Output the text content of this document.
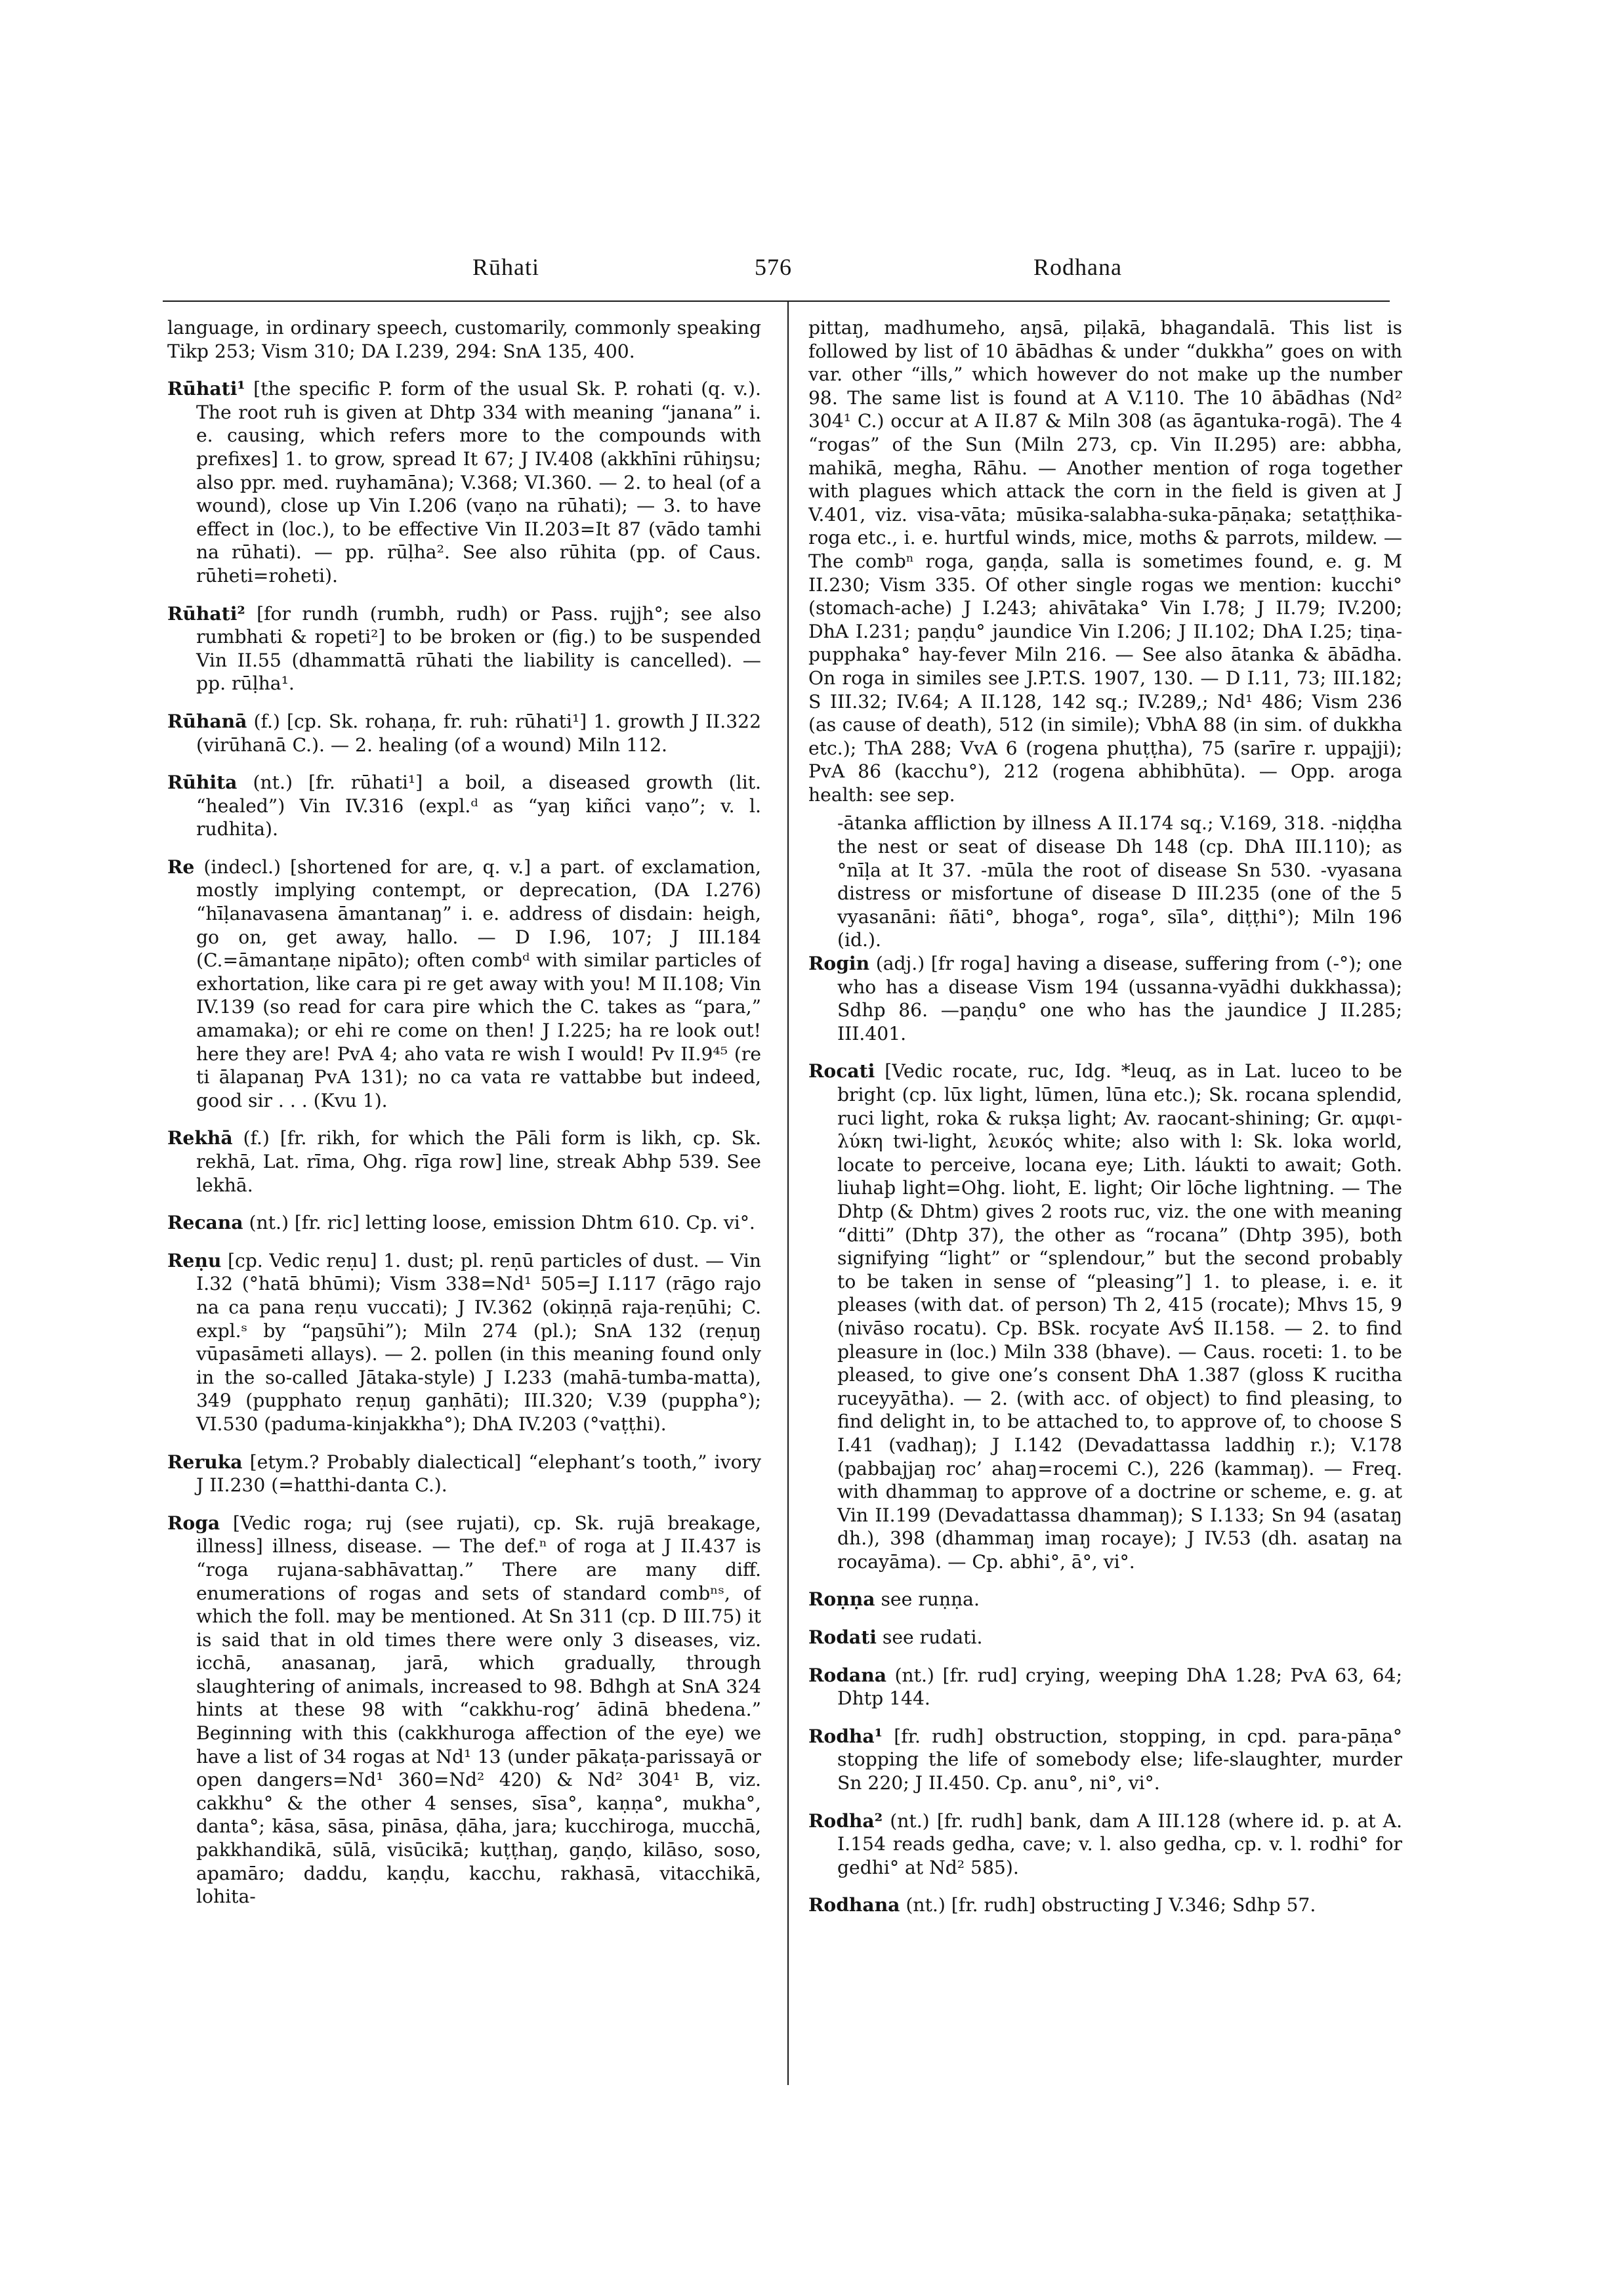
Rūhati	576	Rodhana

language, in ordinary speech, customarily, commonly speaking Tikp 253; Vism 310; DA I.239, 294: SnA 135, 400.

Rūhati¹ [the specific P. form of the usual Sk. P. rohati (q. v.). The root ruh is given at Dhtp 334 with meaning “janana” i. e. causing, which refers more to the compounds with prefixes] 1. to grow, spread It 67; J IV.408 (akkhīni rūhiŋsu; also ppr. med. ruyhamāna); V.368; VI.360. — 2. to heal (of a wound), close up Vin I.206 (vaṇo na rūhati); — 3. to have effect in (loc.), to be effective Vin II.203=It 87 (vādo tamhi na rūhati). — pp. rūḷha². See also rūhita (pp. of Caus. rūheti=roheti).

Rūhati² [for rundh (rumbh, rudh) or Pass. rujjh°; see also rumbhati & ropeti²] to be broken or (fig.) to be suspended Vin II.55 (dhammattā rūhati the liability is cancelled). — pp. rūḷha¹.

Rūhanā (f.) [cp. Sk. rohaṇa, fr. ruh: rūhati¹] 1. growth J II.322 (virūhanā C.). — 2. healing (of a wound) Miln 112.

Rūhita (nt.) [fr. rūhati¹] a boil, a diseased growth (lit. “healed”) Vin IV.316 (expl.ᵈ as “yaŋ kiñci vaṇo”; v. l. rudhita).

Re (indecl.) [shortened for are, q. v.] a part. of exclamation, mostly implying contempt, or deprecation, (DA I.276) “hīḷanavasena āmantanaŋ” i. e. address of disdain: heigh, go on, get away, hallo. — D I.96, 107; J III.184 (C.=āmantaṇe nipāto); often combᵈ with similar particles of exhortation, like cara pi re get away with you! M II.108; Vin IV.139 (so read for cara pire which the C. takes as “para,” amamaka); or ehi re come on then! J I.225; ha re look out! here they are! PvA 4; aho vata re wish I would! Pv II.9⁴⁵ (re ti ālapanaŋ PvA 131); no ca vata re vattabbe but indeed, good sir . . . (Kvu 1).

Rekhā (f.) [fr. rikh, for which the Pāli form is likh, cp. Sk. rekhā, Lat. rīma, Ohg. rīga row] line, streak Abhp 539. See lekhā.

Recana (nt.) [fr. ric] letting loose, emission Dhtm 610. Cp. vi°.

Reṇu [cp. Vedic reṇu] 1. dust; pl. reṇū particles of dust. — Vin I.32 (°hatā bhūmi); Vism 338=Nd¹ 505=J I.117 (rāgo rajo na ca pana reṇu vuccati); J IV.362 (okiṇṇā raja-reṇūhi; C. expl.ˢ by “paŋsūhi”); Miln 274 (pl.); SnA 132 (reṇuŋ vūpasāmeti allays). — 2. pollen (in this meaning found only in the so-called Jātaka-style) J I.233 (mahā-tumba-matta), 349 (pupphato reṇuŋ gaṇhāti); III.320; V.39 (puppha°); VI.530 (paduma-kinjakkha°); DhA IV.203 (°vaṭṭhi).

Reruka [etym.? Probably dialectical] “elephant’s tooth,” ivory J II.230 (=hatthi-danta C.).

Roga [Vedic roga; ruj (see rujati), cp. Sk. rujā breakage, illness] illness, disease. — The def.ⁿ of roga at J II.437 is “roga rujana-sabhāvattaŋ.” There are many diff. enumerations of rogas and sets of standard combⁿˢ, of which the foll. may be mentioned. At Sn 311 (cp. D III.75) it is said that in old times there were only 3 diseases, viz. icchā, anasanaŋ, jarā, which gradually, through slaughtering of animals, increased to 98. Bdhgh at SnA 324 hints at these 98 with “cakkhu-rog’ ādinā bhedena.” Beginning with this (cakkhuroga affection of the eye) we have a list of 34 rogas at Nd¹ 13 (under pākaṭa-parissayā or open dangers=Nd¹ 360=Nd² 420) & Nd² 304¹ B, viz. cakkhu° & the other 4 senses, sīsa°, kaṇṇa°, mukha°, danta°; kāsa, sāsa, pināsa, ḍāha, jara; kucchiroga, mucchā, pakkhandikā, sūlā, visūcikā; kuṭṭhaŋ, gaṇḍo, kilāso, soso, apamāro; daddu, kaṇḍu, kacchu, rakhasā, vitacchikā, lohita-

pittaŋ, madhumeho, aŋsā, piḷakā, bhagandalā. This list is followed by list of 10 ābādhas & under “dukkha” goes on with var. other “ills,” which however do not make up the number 98. The same list is found at A V.110. The 10 ābādhas (Nd² 304¹ C.) occur at A II.87 & Miln 308 (as āgantuka-rogā). The 4 “rogas” of the Sun (Miln 273, cp. Vin II.295) are: abbha, mahikā, megha, Rāhu. — Another mention of roga together with plagues which attack the corn in the field is given at J V.401, viz. visa-vāta; mūsika-salabha-suka-pāṇaka; setaṭṭhika-roga etc., i. e. hurtful winds, mice, moths & parrots, mildew. — The combⁿ roga, gaṇḍa, salla is sometimes found, e. g. M II.230; Vism 335. Of other single rogas we mention: kucchi° (stomach-ache) J I.243; ahivātaka° Vin I.78; J II.79; IV.200; DhA I.231; paṇḍu° jaundice Vin I.206; J II.102; DhA I.25; tiṇa-pupphaka° hay-fever Miln 216. — See also ātanka & ābādha. On roga in similes see J.P.T.S. 1907, 130. — D I.11, 73; III.182; S III.32; IV.64; A II.128, 142 sq.; IV.289,; Nd¹ 486; Vism 236 (as cause of death), 512 (in simile); VbhA 88 (in sim. of dukkha etc.); ThA 288; VvA 6 (rogena phuṭṭha), 75 (sarīre r. uppajji); PvA 86 (kacchu°), 212 (rogena abhibhūta). — Opp. aroga health: see sep.

-ātanka affliction by illness A II.174 sq.; V.169, 318. -niḍḍha the nest or seat of disease Dh 148 (cp. DhA III.110); as °nīḷa at It 37. -mūla the root of disease Sn 530. -vyasana distress or misfortune of disease D III.235 (one of the 5 vyasanāni: ñāti°, bhoga°, roga°, sīla°, diṭṭhi°); Miln 196 (id.).

Rogin (adj.) [fr roga] having a disease, suffering from (-°); one who has a disease Vism 194 (ussanna-vyādhi dukkhassa); Sdhp 86. —paṇḍu° one who has the jaundice J II.285; III.401.

Rocati [Vedic rocate, ruc, Idg. *leuq, as in Lat. luceo to be bright (cp. lūx light, lūmen, lūna etc.); Sk. rocana splendid, ruci light, roka & rukṣa light; Av. raocant-shining; Gr. αμφι-λύκη twi-light, λευκός white; also with l: Sk. loka world, locate to perceive, locana eye; Lith. láukti to await; Goth. liuhaþ light=Ohg. lioht, E. light; Oir lōche lightning. — The Dhtp (& Dhtm) gives 2 roots ruc, viz. the one with meaning “ditti” (Dhtp 37), the other as “rocana” (Dhtp 395), both signifying “light” or “splendour,” but the second probably to be taken in sense of “pleasing”] 1. to please, i. e. it pleases (with dat. of person) Th 2, 415 (rocate); Mhvs 15, 9 (nivāso rocatu). Cp. BSk. rocyate AvŚ II.158. — 2. to find pleasure in (loc.) Miln 338 (bhave). — Caus. roceti: 1. to be pleased, to give one’s consent DhA 1.387 (gloss K rucitha ruceyyātha). — 2. (with acc. of object) to find pleasing, to find delight in, to be attached to, to approve of, to choose S I.41 (vadhaŋ); J I.142 (Devadattassa laddhiŋ r.); V.178 (pabbajjaŋ roc’ ahaŋ=rocemi C.), 226 (kammaŋ). — Freq. with dhammaŋ to approve of a doctrine or scheme, e. g. at Vin II.199 (Devadattassa dhammaŋ); S I.133; Sn 94 (asataŋ dh.), 398 (dhammaŋ imaŋ rocaye); J IV.53 (dh. asataŋ na rocayāma). — Cp. abhi°, ā°, vi°.

Roṇṇa see ruṇṇa.

Rodati see rudati.

Rodana (nt.) [fr. rud] crying, weeping DhA 1.28; PvA 63, 64; Dhtp 144.

Rodha¹ [fr. rudh] obstruction, stopping, in cpd. para-pāṇa° stopping the life of somebody else; life-slaughter, murder Sn 220; J II.450. Cp. anu°, ni°, vi°.

Rodha² (nt.) [fr. rudh] bank, dam A III.128 (where id. p. at A. I.154 reads gedha, cave; v. l. also gedha, cp. v. l. rodhi° for gedhi° at Nd² 585).

Rodhana (nt.) [fr. rudh] obstructing J V.346; Sdhp 57.
